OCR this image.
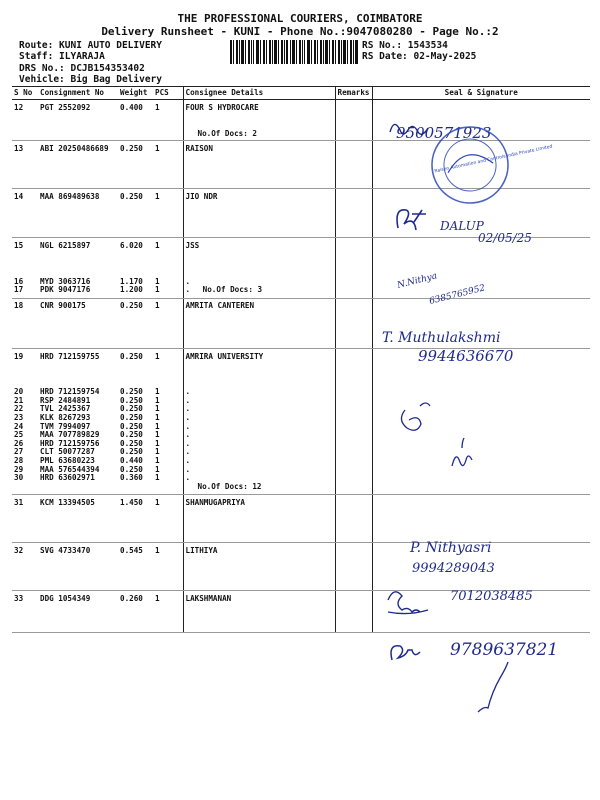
THE PROFESSIONAL COURIERS, COIMBATORE
Delivery Runsheet - KUNI - Phone No.:9047080280 - Page No.:2
Route: KUNI AUTO DELIVERY
Staff: ILYARAJA
DRS No.: DCJB154353402
Vehicle: Big Bag Delivery
RS No.: 1543534
RS Date: 02-May-2025
S No	Consignment No	Weight	PCS	Consignee Details	Remarks	Seal & Signature
12	PGT 2552092	0.400	1	FOUR S HYDROCARE		
				No.Of Docs: 2		
13	ABI 20250486689	0.250	1	RAISON		
14	MAA 869489638	0.250	1	JIO NDR		
15	NGL 6215897	6.020	1	JSS		
16	MYD 3063716	1.170	1	.		
17	PDK 9047176	1.200	1	. No.Of Docs: 3		
18	CNR 900175	0.250	1	AMRITA CANTEREN		
19	HRD 712159755	0.250	1	AMRIRA UNIVERSITY		
20	HRD 712159754	0.250	1	.		
21	RSP 2484891	0.250	1	.		
22	TVL 2425367	0.250	1	.		
23	KLK 8267293	0.250	1	.		
24	TVM 7994097	0.250	1	.		
25	MAA 707789829	0.250	1	.		
26	HRD 712159756	0.250	1	.		
27	CLT 50077287	0.250	1	.		
28	PML 63680223	0.440	1	.		
29	MAA 576544394	0.250	1	.		
30	HRD 63602971	0.360	1	.		
				No.Of Docs: 12		
31	KCM 13394505	1.450	1	SHANMUGAPRIYA		
32	SVG 4733470	0.545	1	LITHIYA		
33	DDG 1054349	0.260	1	LAKSHMANAN		
9500571923
Raison Automation and Controls India Private Limited
DALUP
02/05/25
N.Nithya
6385765952
T. Muthulakshmi
9944636670
P. Nithyasri
9994289043
7012038485
9789637821
